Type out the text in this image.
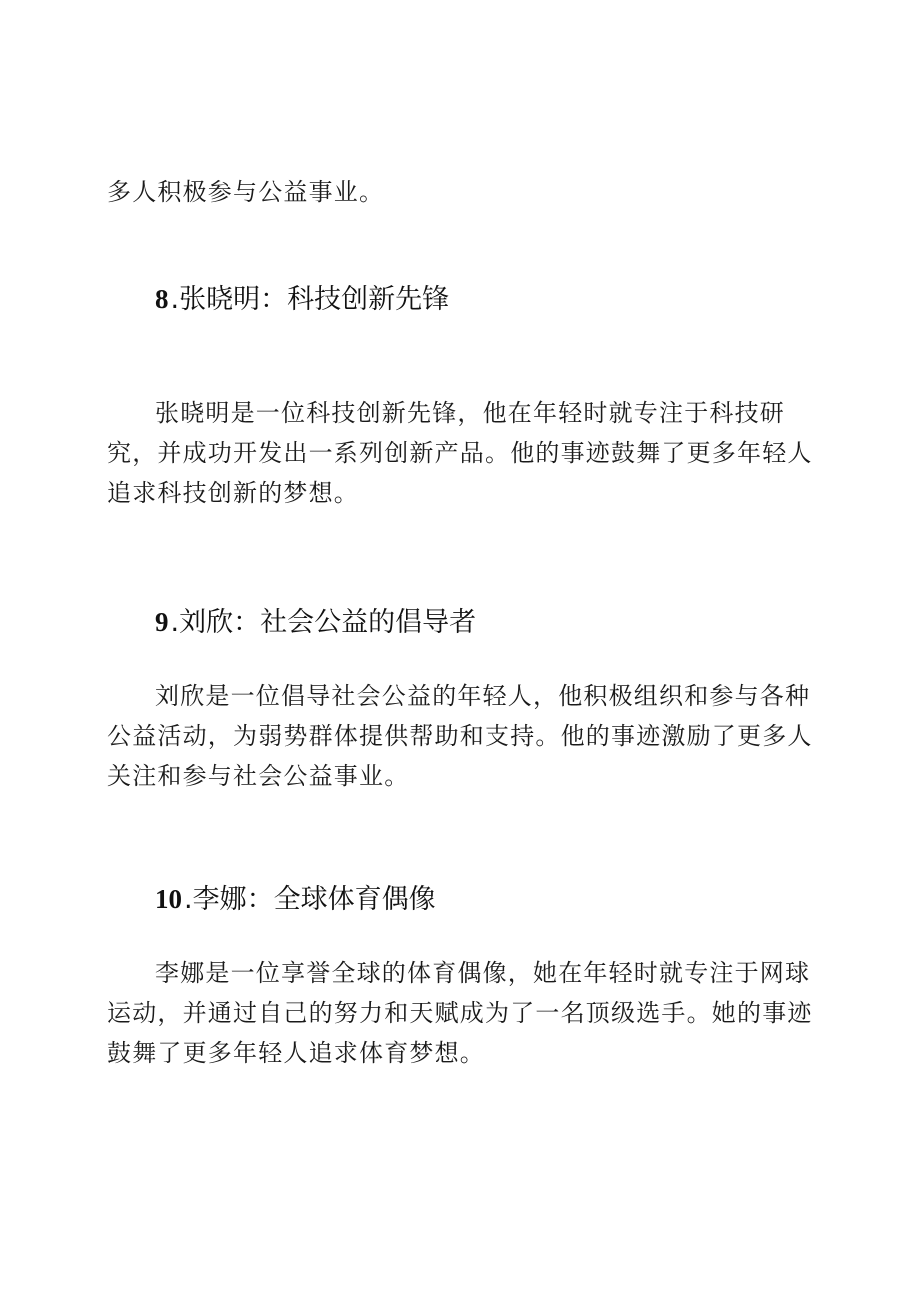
多人积极参与公益事业。

8.张晓明：科技创新先锋

张晓明是一位科技创新先锋，他在年轻时就专注于科技研究，并成功开发出一系列创新产品。他的事迹鼓舞了更多年轻人追求科技创新的梦想。

9.刘欣：社会公益的倡导者

刘欣是一位倡导社会公益的年轻人，他积极组织和参与各种公益活动，为弱势群体提供帮助和支持。他的事迹激励了更多人关注和参与社会公益事业。

10.李娜：全球体育偶像

李娜是一位享誉全球的体育偶像，她在年轻时就专注于网球运动，并通过自己的努力和天赋成为了一名顶级选手。她的事迹鼓舞了更多年轻人追求体育梦想。
